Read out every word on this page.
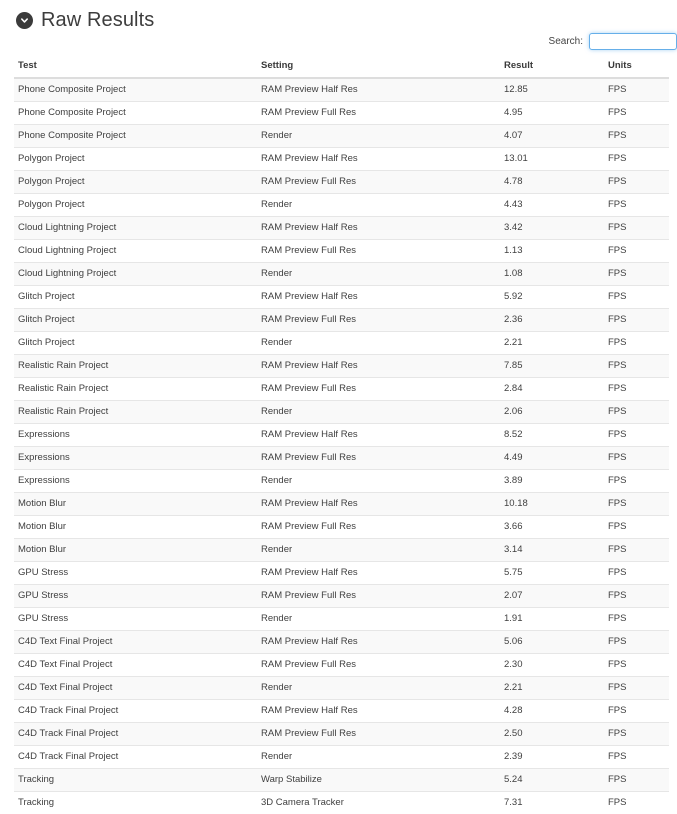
Raw Results
Search:
Test	Setting	Result	Units
Phone Composite Project	RAM Preview Half Res	12.85	FPS
Phone Composite Project	RAM Preview Full Res	4.95	FPS
Phone Composite Project	Render	4.07	FPS
Polygon Project	RAM Preview Half Res	13.01	FPS
Polygon Project	RAM Preview Full Res	4.78	FPS
Polygon Project	Render	4.43	FPS
Cloud Lightning Project	RAM Preview Half Res	3.42	FPS
Cloud Lightning Project	RAM Preview Full Res	1.13	FPS
Cloud Lightning Project	Render	1.08	FPS
Glitch Project	RAM Preview Half Res	5.92	FPS
Glitch Project	RAM Preview Full Res	2.36	FPS
Glitch Project	Render	2.21	FPS
Realistic Rain Project	RAM Preview Half Res	7.85	FPS
Realistic Rain Project	RAM Preview Full Res	2.84	FPS
Realistic Rain Project	Render	2.06	FPS
Expressions	RAM Preview Half Res	8.52	FPS
Expressions	RAM Preview Full Res	4.49	FPS
Expressions	Render	3.89	FPS
Motion Blur	RAM Preview Half Res	10.18	FPS
Motion Blur	RAM Preview Full Res	3.66	FPS
Motion Blur	Render	3.14	FPS
GPU Stress	RAM Preview Half Res	5.75	FPS
GPU Stress	RAM Preview Full Res	2.07	FPS
GPU Stress	Render	1.91	FPS
C4D Text Final Project	RAM Preview Half Res	5.06	FPS
C4D Text Final Project	RAM Preview Full Res	2.30	FPS
C4D Text Final Project	Render	2.21	FPS
C4D Track Final Project	RAM Preview Half Res	4.28	FPS
C4D Track Final Project	RAM Preview Full Res	2.50	FPS
C4D Track Final Project	Render	2.39	FPS
Tracking	Warp Stabilize	5.24	FPS
Tracking	3D Camera Tracker	7.31	FPS
